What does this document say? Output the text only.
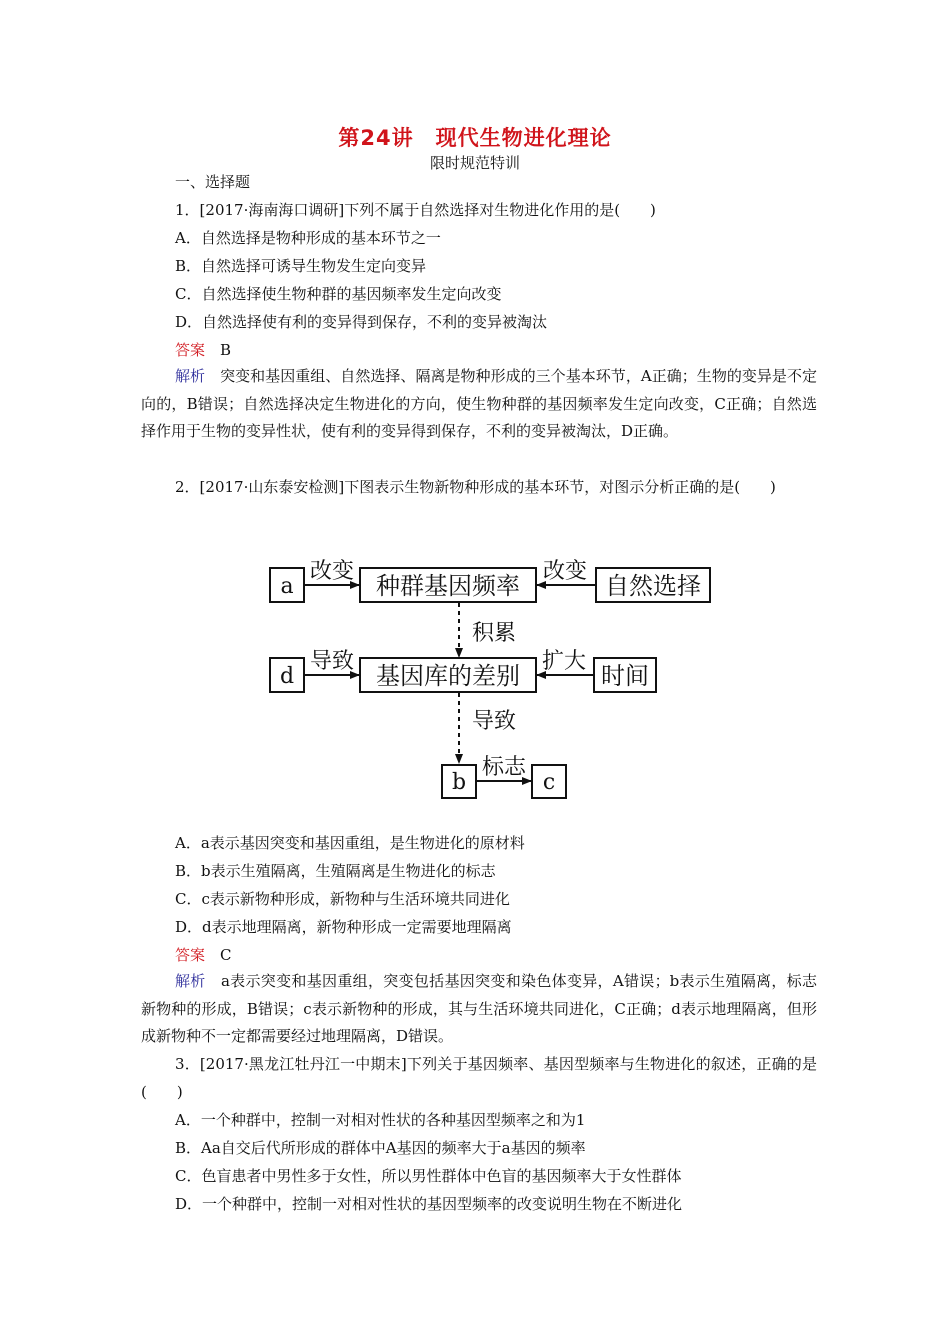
第24讲　现代生物进化理论
限时规范特训
一、选择题
1．[2017·海南海口调研]下列不属于自然选择对生物进化作用的是(　　)
A．自然选择是物种形成的基本环节之一
B．自然选择可诱导生物发生定向变异
C．自然选择使生物种群的基因频率发生定向改变
D．自然选择使有利的变异得到保存，不利的变异被淘汰
答案　 B
解析　 突变和基因重组、自然选择、隔离是物种形成的三个基本环节，A正确；生物的变异是不定向的，B错误；自然选择决定生物进化的方向，使生物种群的基因频率发生定向改变，C正确；自然选择作用于生物的变异性状，使有利的变异得到保存，不利的变异被淘汰，D正确。
2．[2017·山东泰安检测]下图表示生物新物种形成的基本环节，对图示分析正确的是(　　)
a	种群基因频率	自然选择
改变	改变
积累
d	基因库的差别	时间
导致	扩大
导致
b	c
标志
A．a表示基因突变和基因重组，是生物进化的原材料
B．b表示生殖隔离，生殖隔离是生物进化的标志
C．c表示新物种形成，新物种与生活环境共同进化
D．d表示地理隔离，新物种形成一定需要地理隔离
答案　 C
解析　 a表示突变和基因重组，突变包括基因突变和染色体变异，A错误；b表示生殖隔离，标志新物种的形成，B错误；c表示新物种的形成，其与生活环境共同进化，C正确；d表示地理隔离，但形成新物种不一定都需要经过地理隔离，D错误。
3．[2017·黑龙江牡丹江一中期末]下列关于基因频率、基因型频率与生物进化的叙述，正确的是(　　)
A．一个种群中，控制一对相对性状的各种基因型频率之和为1
B．Aa自交后代所形成的群体中A基因的频率大于a基因的频率
C．色盲患者中男性多于女性，所以男性群体中色盲的基因频率大于女性群体
D．一个种群中，控制一对相对性状的基因型频率的改变说明生物在不断进化
